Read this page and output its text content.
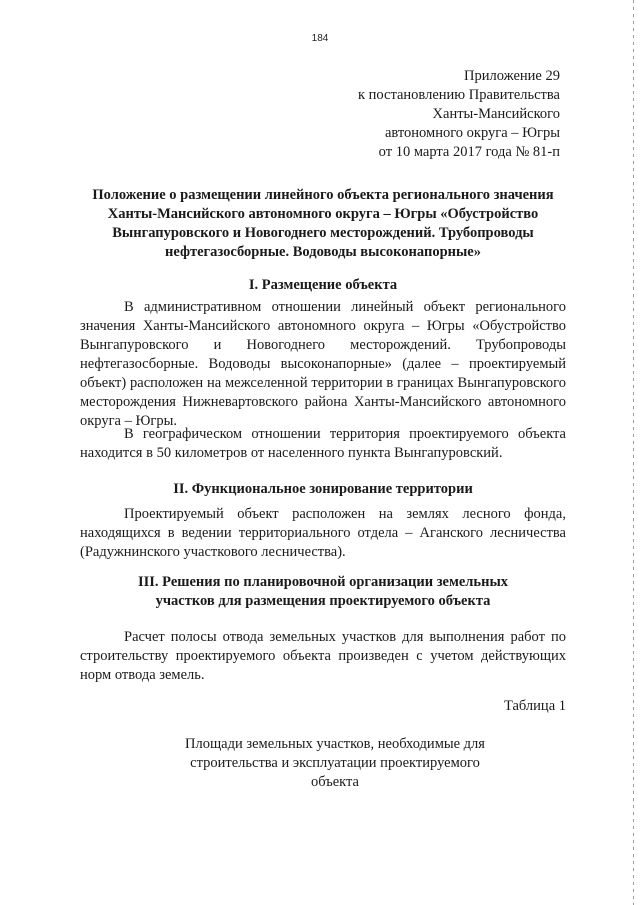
184
Приложение 29
к постановлению Правительства
Ханты-Мансийского
автономного округа – Югры
от 10 марта 2017 года № 81-п
Положение о размещении линейного объекта регионального значения Ханты-Мансийского автономного округа – Югры «Обустройство Вынгапуровского и Новогоднего месторождений. Трубопроводы нефтегазосборные. Водоводы высоконапорные»
I. Размещение объекта
В административном отношении линейный объект регионального значения Ханты-Мансийского автономного округа – Югры «Обустройство Вынгапуровского и Новогоднего месторождений. Трубопроводы нефтегазосборные. Водоводы высоконапорные» (далее – проектируемый объект) расположен на межселенной территории в границах Вынгапуровского месторождения Нижневартовского района Ханты-Мансийского автономного округа – Югры.
В географическом отношении территория проектируемого объекта находится в 50 километров от населенного пункта Вынгапуровский.
II. Функциональное зонирование территории
Проектируемый объект расположен на землях лесного фонда, находящихся в ведении территориального отдела – Аганского лесничества (Радужнинского участкового лесничества).
III. Решения по планировочной организации земельных участков для размещения проектируемого объекта
Расчет полосы отвода земельных участков для выполнения работ по строительству проектируемого объекта произведен с учетом действующих норм отвода земель.
Таблица 1
Площади земельных участков, необходимые для строительства и эксплуатации проектируемого объекта
